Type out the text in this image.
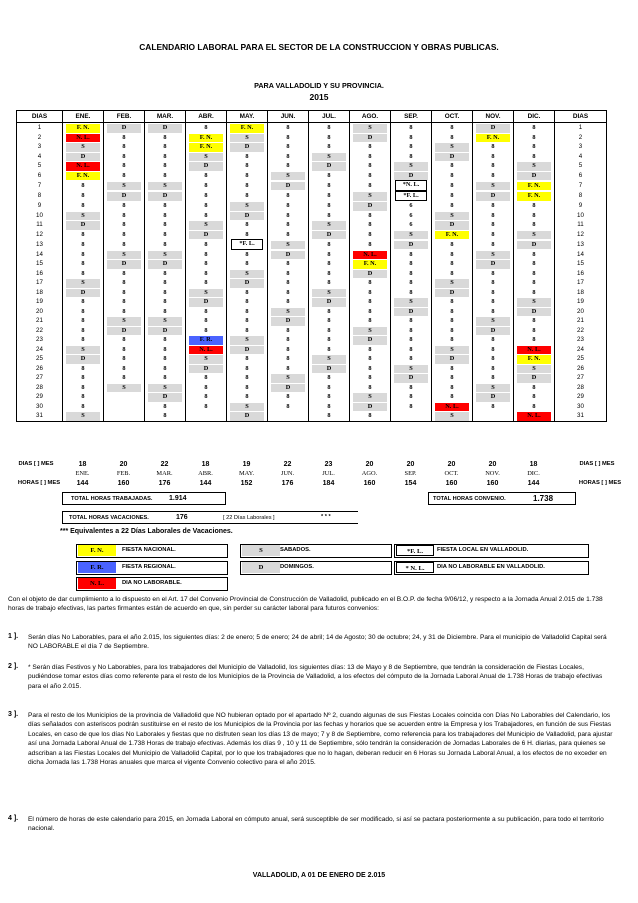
CALENDARIO LABORAL PARA EL SECTOR DE LA CONSTRUCCION Y OBRAS PUBLICAS.
PARA VALLADOLID Y SU PROVINCIA.
2015
DIAS	ENE.	FEB.	MAR.	ABR.	MAY.	JUN.	JUL.	AGO.	SEP.	OCT.	NOV.	DIC.	DIAS
1	F. N.	D	D	8	F. N.	8	8	S	8	8	D	8	1
2	N. L.	8	8	F. N.	S	8	8	D	8	8	F. N.	8	2
3	S	8	8	F. N.	D	8	8	8	8	S	8	8	3
4	D	8	8	S	8	8	S	8	8	D	8	8	4
5	N. L.	8	8	D	8	8	D	8	S	8	8	S	5
6	F. N.	8	8	8	8	S	8	8	D	8	8	D	6
7	8	S	S	8	8	D	8	8	*N. L.	8	S	F. N.	7
8	8	D	D	8	8	8	8	S	*F. L.	8	D	F. N.	8
9	8	8	8	8	S	8	8	D	6	8	8	8	9
10	S	8	8	8	D	8	8	8	6	S	8	8	10
11	D	8	8	S	8	8	S	8	6	D	8	8	11
12	8	8	8	D	8	8	D	8	S	F. N.	8	S	12
13	8	8	8	8	*F. L.	S	8	8	D	8	8	D	13
14	8	S	S	8	8	D	8	N. L.	8	8	S	8	14
15	8	D	D	8	8	8	8	F. N.	8	8	D	8	15
16	8	8	8	8	S	8	8	D	8	8	8	8	16
17	S	8	8	8	D	8	8	8	8	S	8	8	17
18	D	8	8	S	8	8	S	8	8	D	8	8	18
19	8	8	8	D	8	8	D	8	S	8	8	S	19
20	8	8	8	8	8	S	8	8	D	8	8	D	20
21	8	S	S	8	8	D	8	8	8	8	S	8	21
22	8	D	D	8	8	8	8	S	8	8	D	8	22
23	8	8	8	F. R.	S	8	8	D	8	8	8	8	23
24	S	8	8	N. L.	D	8	8	8	8	S	8	N. L.	24
25	D	8	8	S	8	8	S	8	8	D	8	F. N.	25
26	8	8	8	D	8	8	D	8	S	8	8	S	26
27	8	8	8	8	8	S	8	8	D	8	8	D	27
28	8	S	S	8	8	D	8	8	8	8	S	8	28
29	8		D	8	8	8	8	S	8	8	D	8	29
30	8		8	8	S	8	8	D	8	N. L.	8	8	30
31	S		8		D		8	8		S		N. L.	31
DIAS [ ] MES	DIAS [ ] MES
18	20	22	18	19	22	23	20	20	20	20	18
ENE.	FEB.	MAR.	ABR.	MAY.	JUN.	JUL.	AGO.	SEP.	OCT.	NOV.	DIC.
HORAS [ ] MES	HORAS [ ] MES
144	160	176	144	152	176	184	160	154	160	160	144
TOTAL HORAS TRABAJADAS. 1.914	TOTAL HORAS CONVENIO.	1.738
TOTAL HORAS VACACIONES.	176	[ 22 Días Laborales ]	* * *
*** Equivalentes a 22 Días Laborales de Vacaciones.
F. N.	FIESTA NACIONAL.	S	SABADOS.	*F. L.	FIESTA LOCAL EN VALLADOLID.
F. R.	FIESTA REGIONAL.	D	DOMINGOS.	* N. L.	DIA NO LABORABLE EN VALLADOLID.
N. L.	DIA NO LABORABLE.
Con el objeto de dar cumplimiento a lo dispuesto en el Art. 17 del Convenio Provincial de Construcción de Valladolid, publicado en el B.O.P. de fecha 9/06/12, y respecto a la Jornada Anual 2.015 de 1.738 horas de trabajo efectivas, las partes firmantes están de acuerdo en que, sin perder su carácter laboral para futuros convenios:
1 ]. Serán días No Laborables, para el año 2.015, los siguientes días: 2 de enero; 5 de enero; 24 de abril; 14 de Agosto; 30 de octubre; 24, y 31 de Diciembre. Para el municipio de Valladolid Capital será NO LABORABLE el día 7 de Septiembre.
2 ]. * Serán días Festivos y No Laborables, para los trabajadores del Municipio de Valladolid, los siguientes días: 13 de Mayo y 8 de Septiembre, que tendrán la consideración de Fiestas Locales, pudiéndose tomar estos días como referente para el resto de los Municipios de la Provincia de Valladolid, a los efectos del cómputo de la Jornada Laboral Anual de 1.738 Horas de trabajo efectivas para el año 2.015.
3 ]. Para el resto de los Municipios de la provincia de Valladolid que NO hubieran optado por el apartado Nº 2, cuando algunas de sus Fiestas Locales coincida con Días No Laborables del Calendario, los días señalados con asteriscos podrán sustituirse en el resto de los Municipios de la Provincia por las fechas y horarios que se acuerden entre la Empresa y los Trabajadores, en función de sus Fiestas Locales, en caso de que los días No Laborales y fiestas que no disfruten sean los días 13 de mayo; 7 y 8 de Septiembre, como referencia para los trabajadores del Municipio de Valladolid, para ajustar así una Jornada Laboral Anual de 1.738 Horas de trabajo efectivas. Además los días 9 , 10 y 11 de Septiembre, sólo tendrán la consideración de Jornadas Laborales de 6 H. diarias, para quienes se adscriban a las Fiestas Locales del Municipio de Valladolid Capital, por lo que los trabajadores que no lo hagan, deberan reducir en 6 Horas su Jornada Laboral Anual, a los efectos de no exceder en dicha Jornada las 1.738 Horas anuales que marca el vigente Convenio colectivo para el año 2015.
4 ]. El número de horas de este calendario para 2015, en Jornada Laboral en cómputo anual, será susceptible de ser modificado, si así se pactara posteriormente a su publicación, para todo el territorio nacional.
VALLADOLID, A 01 DE ENERO DE 2.015
